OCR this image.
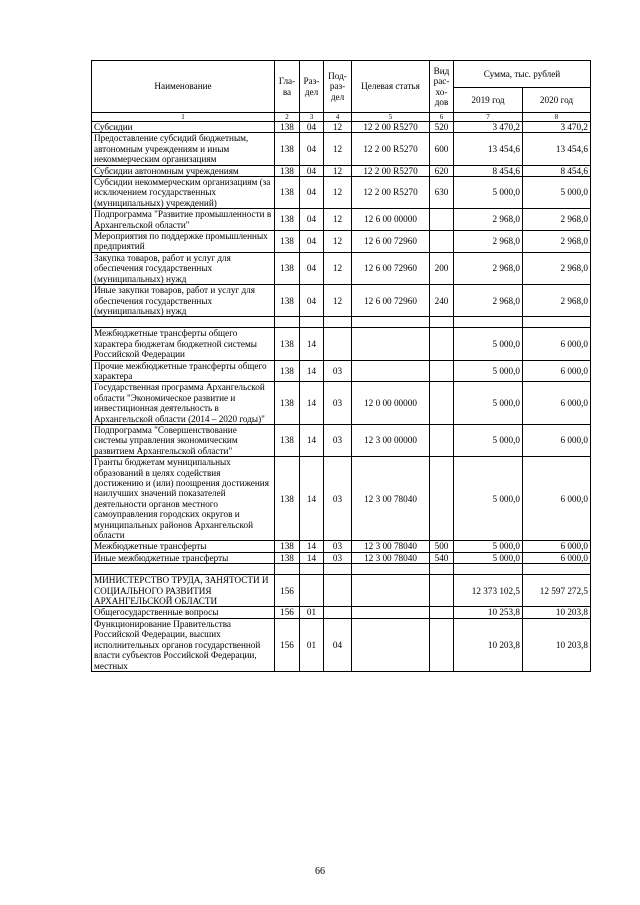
Наименование	Гла-ва	Раз-дел	Под-раз-дел	Целевая статья	Вид рас-хо-дов	Сумма, тыс. рублей	
						2019 год	2020 год
1	2	3	4	5	6	7	8
Субсидии	138	04	12	12 2 00 R5270	520	3 470,2	3 470,2
Предоставление субсидий бюджетным, автономным учреждениям и иным некоммерческим организациям	138	04	12	12 2 00 R5270	600	13 454,6	13 454,6
Субсидии автономным учреждениям	138	04	12	12 2 00 R5270	620	8 454,6	8 454,6
Субсидии некоммерческим организациям (за исключением государственных (муниципальных) учреждений)	138	04	12	12 2 00 R5270	630	5 000,0	5 000,0
Подпрограмма "Развитие промышленности в Архангельской области"	138	04	12	12 6 00 00000		2 968,0	2 968,0
Мероприятия по поддержке промышленных предприятий	138	04	12	12 6 00 72960		2 968,0	2 968,0
Закупка товаров, работ и услуг для обеспечения государственных (муниципальных) нужд	138	04	12	12 6 00 72960	200	2 968,0	2 968,0
Иные закупки товаров, работ и услуг для обеспечения государственных (муниципальных) нужд	138	04	12	12 6 00 72960	240	2 968,0	2 968,0

Межбюджетные трансферты общего характера бюджетам бюджетной системы Российской Федерации	138	14				5 000,0	6 000,0
Прочие межбюджетные трансферты общего характера	138	14	03			5 000,0	6 000,0
Государственная программа Архангельской области "Экономическое развитие и инвестиционная деятельность в Архангельской области (2014 – 2020 годы)"	138	14	03	12 0 00 00000		5 000,0	6 000,0
Подпрограмма "Совершенствование системы управления экономическим развитием Архангельской области"	138	14	03	12 3 00 00000		5 000,0	6 000,0
Гранты бюджетам муниципальных образований в целях содействия достижению и (или) поощрения достижения наилучших значений показателей деятельности органов местного самоуправления городских округов и муниципальных районов Архангельской области	138	14	03	12 3 00 78040		5 000,0	6 000,0
Межбюджетные трансферты	138	14	03	12 3 00 78040	500	5 000,0	6 000,0
Иные межбюджетные трансферты	138	14	03	12 3 00 78040	540	5 000,0	6 000,0

МИНИСТЕРСТВО ТРУДА, ЗАНЯТОСТИ И СОЦИАЛЬНОГО РАЗВИТИЯ АРХАНГЕЛЬСКОЙ ОБЛАСТИ	156					12 373 102,5	12 597 272,5
Общегосударственные вопросы	156	01				10 253,8	10 203,8
Функционирование Правительства Российской Федерации, высших исполнительных органов государственной власти субъектов Российской Федерации, местных	156	01	04			10 203,8	10 203,8
66
